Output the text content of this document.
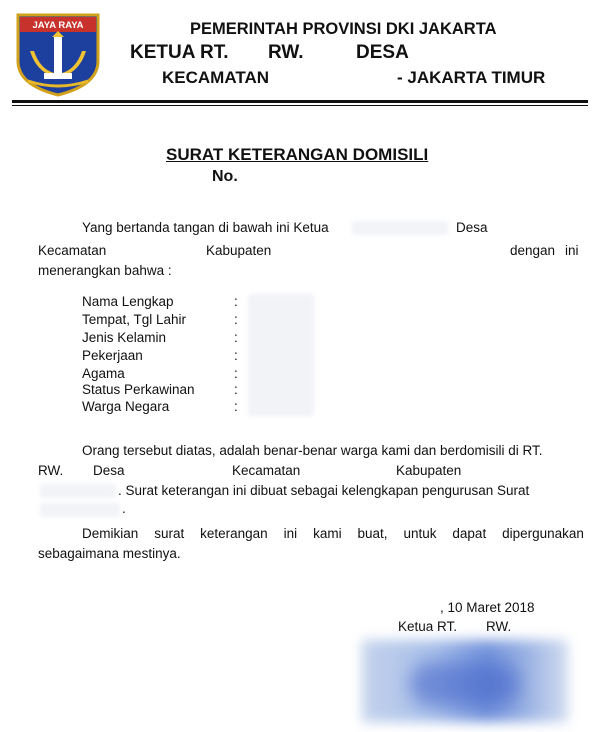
JAYA RAYA	PEMERINTAH PROVINSI DKI JAKARTA
KETUA RT. RW.	DESA
KECAMATAN	- JAKARTA TIMUR
SURAT KETERANGAN DOMISILI
No.
Yang bertanda tangan di bawah ini Ketua	Desa
Kecamatan	Kabupaten	dengan ini
menerangkan bahwa :
Nama Lengkap	:
Tempat, Tgl Lahir	:
Jenis Kelamin	:
Pekerjaan	:
Agama	:
Status Perkawinan	:
Warga Negara	:
Orang tersebut diatas, adalah benar-benar warga kami dan berdomisili di RT.
RW. Desa	Kecamatan	Kabupaten
. Surat keterangan ini dibuat sebagai kelengkapan pengurusan Surat
.
Demikian surat keterangan ini kami buat, untuk dapat dipergunakan
sebagaimana mestinya.
, 10 Maret 2018
Ketua RT. RW.
